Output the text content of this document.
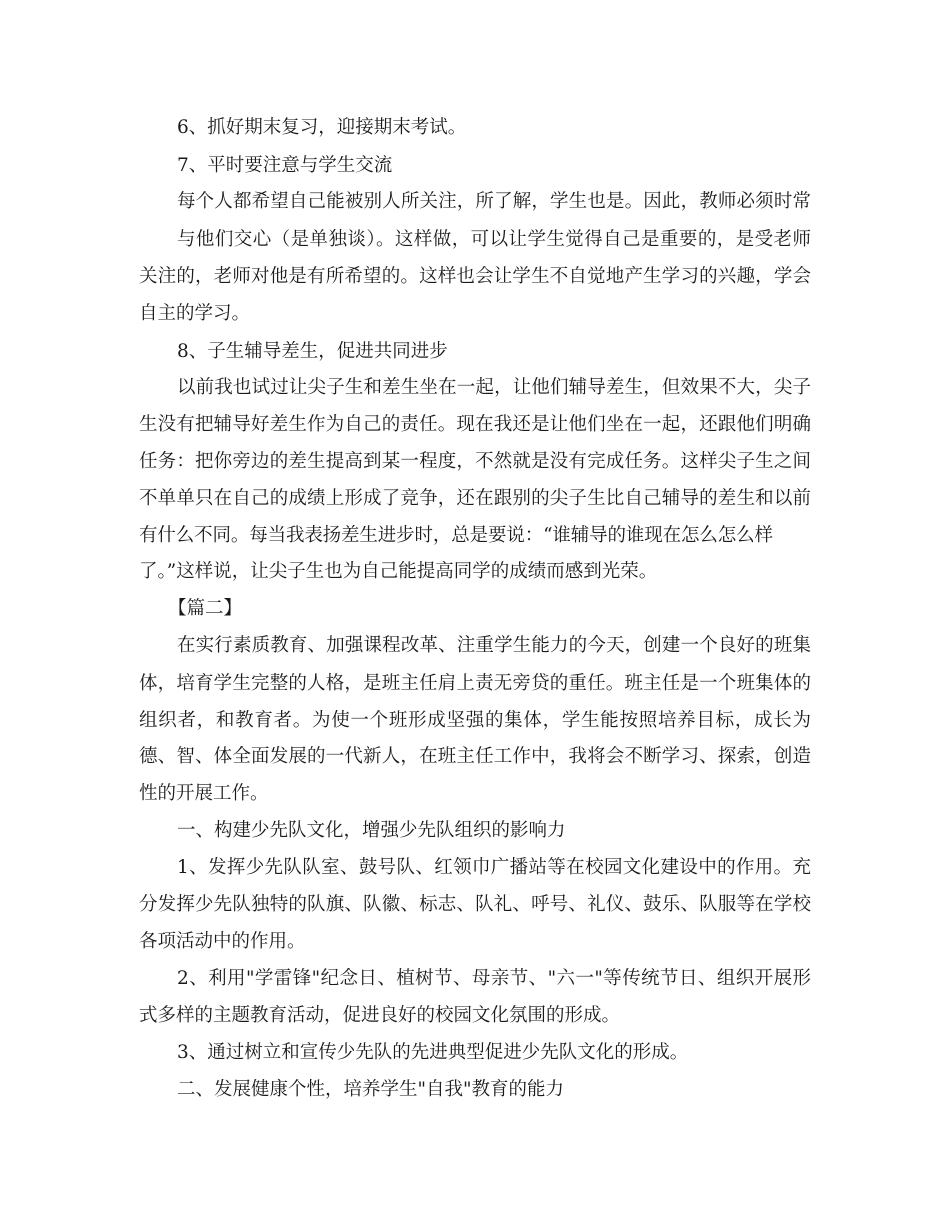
6、抓好期末复习，迎接期末考试。
7、平时要注意与学生交流
每个人都希望自己能被别人所关注，所了解，学生也是。因此，教师必须时常
与他们交心（是单独谈）。这样做，可以让学生觉得自己是重要的，是受老师
关注的，老师对他是有所希望的。这样也会让学生不自觉地产生学习的兴趣，学会
自主的学习。
8、子生辅导差生，促进共同进步
以前我也试过让尖子生和差生坐在一起，让他们辅导差生，但效果不大，尖子
生没有把辅导好差生作为自己的责任。现在我还是让他们坐在一起，还跟他们明确
任务：把你旁边的差生提高到某一程度，不然就是没有完成任务。这样尖子生之间
不单单只在自己的成绩上形成了竞争，还在跟别的尖子生比自己辅导的差生和以前
有什么不同。每当我表扬差生进步时，总是要说：“谁辅导的谁现在怎么怎么样
了。”这样说，让尖子生也为自己能提高同学的成绩而感到光荣。
【篇二】
在实行素质教育、加强课程改革、注重学生能力的今天，创建一个良好的班集
体，培育学生完整的人格，是班主任肩上责无旁贷的重任。班主任是一个班集体的
组织者，和教育者。为使一个班形成坚强的集体，学生能按照培养目标，成长为
德、智、体全面发展的一代新人，在班主任工作中，我将会不断学习、探索，创造
性的开展工作。
一、构建少先队文化，增强少先队组织的影响力
1、发挥少先队队室、鼓号队、红领巾广播站等在校园文化建设中的作用。充
分发挥少先队独特的队旗、队徽、标志、队礼、呼号、礼仪、鼓乐、队服等在学校
各项活动中的作用。
2、利用"学雷锋"纪念日、植树节、母亲节、"六一"等传统节日、组织开展形
式多样的主题教育活动，促进良好的校园文化氛围的形成。
3、通过树立和宣传少先队的先进典型促进少先队文化的形成。
二、发展健康个性，培养学生"自我"教育的能力
